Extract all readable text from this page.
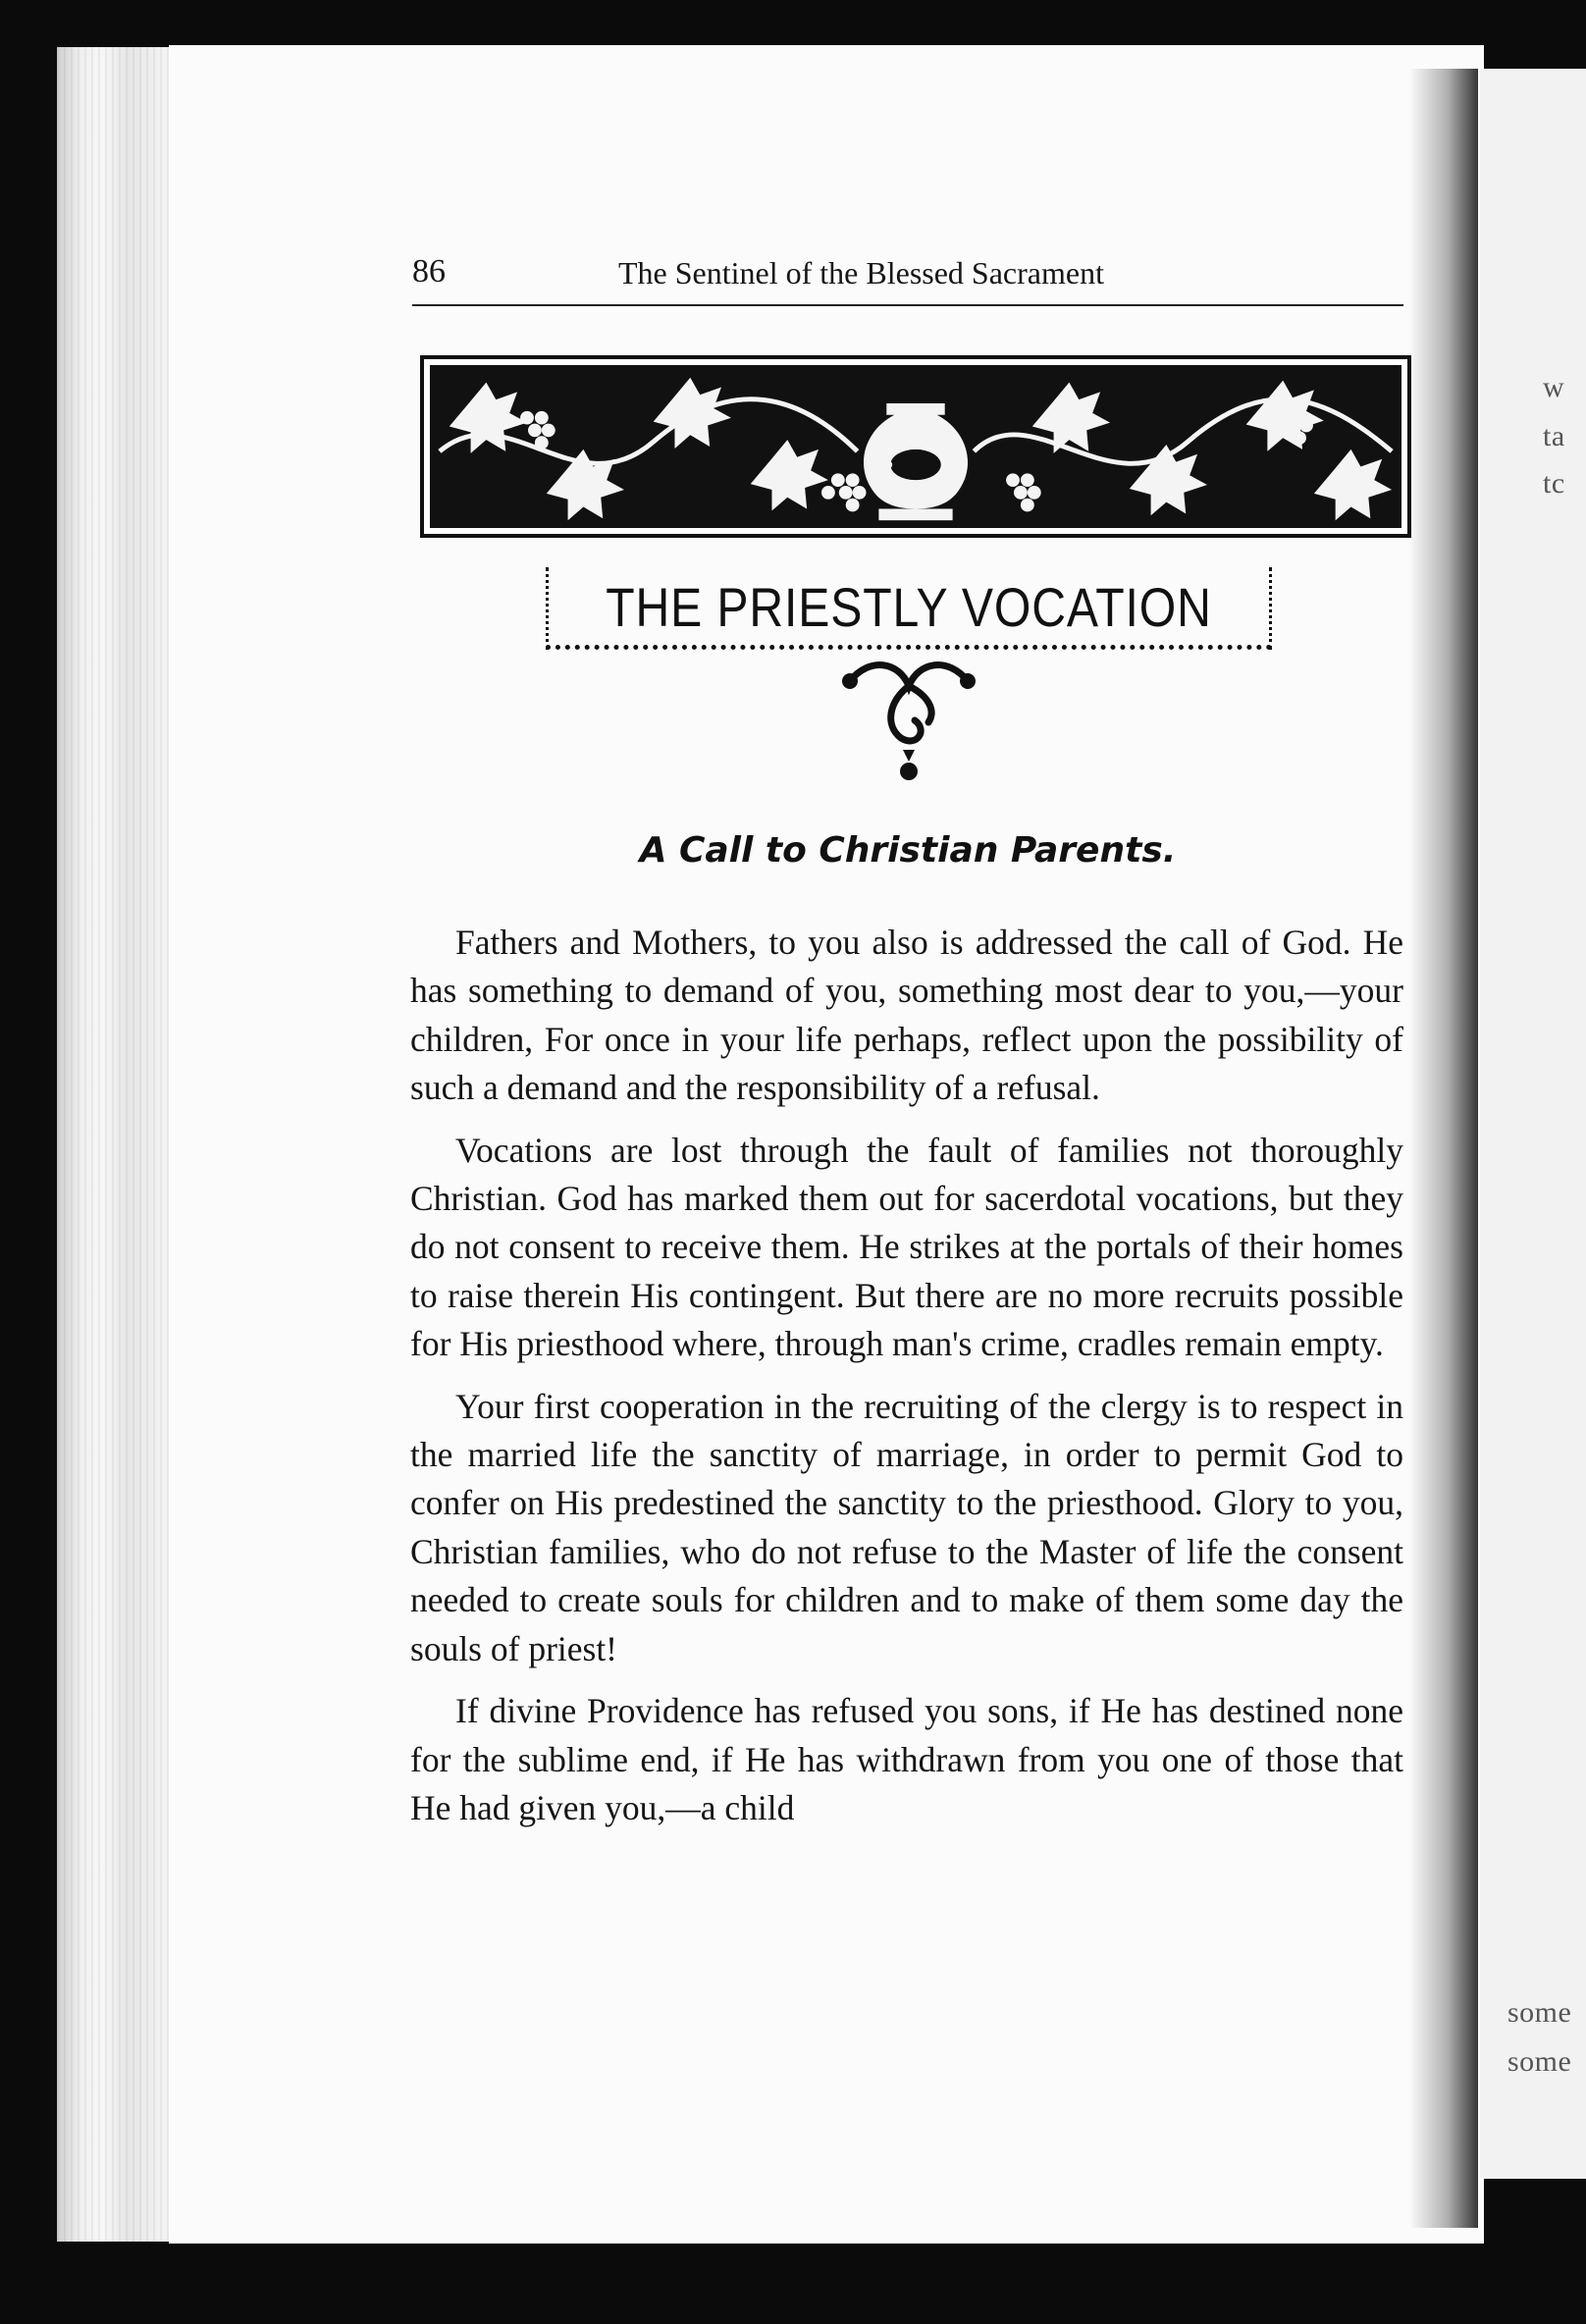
w
ta
tc
some
some
86	The Sentinel of the Blessed Sacrament
THE PRIESTLY VOCATION
A Call to Christian Parents.

Fathers and Mothers, to you also is addressed the call of God. He has something to demand of you, something most dear to you,—your children, For once in your life perhaps, reflect upon the possibility of such a demand and the responsibility of a refusal.

Vocations are lost through the fault of families not thoroughly Christian. God has marked them out for sacerdotal vocations, but they do not consent to receive them. He strikes at the portals of their homes to raise therein His contingent. But there are no more recruits possible for His priesthood where, through man's crime, cradles remain empty.

Your first cooperation in the recruiting of the clergy is to respect in the married life the sanctity of marriage, in order to permit God to confer on His predestined the sanctity to the priesthood. Glory to you, Christian families, who do not refuse to the Master of life the consent needed to create souls for children and to make of them some day the souls of priest!

If divine Providence has refused you sons, if He has destined none for the sublime end, if He has withdrawn from you one of those that He had given you,—a child
